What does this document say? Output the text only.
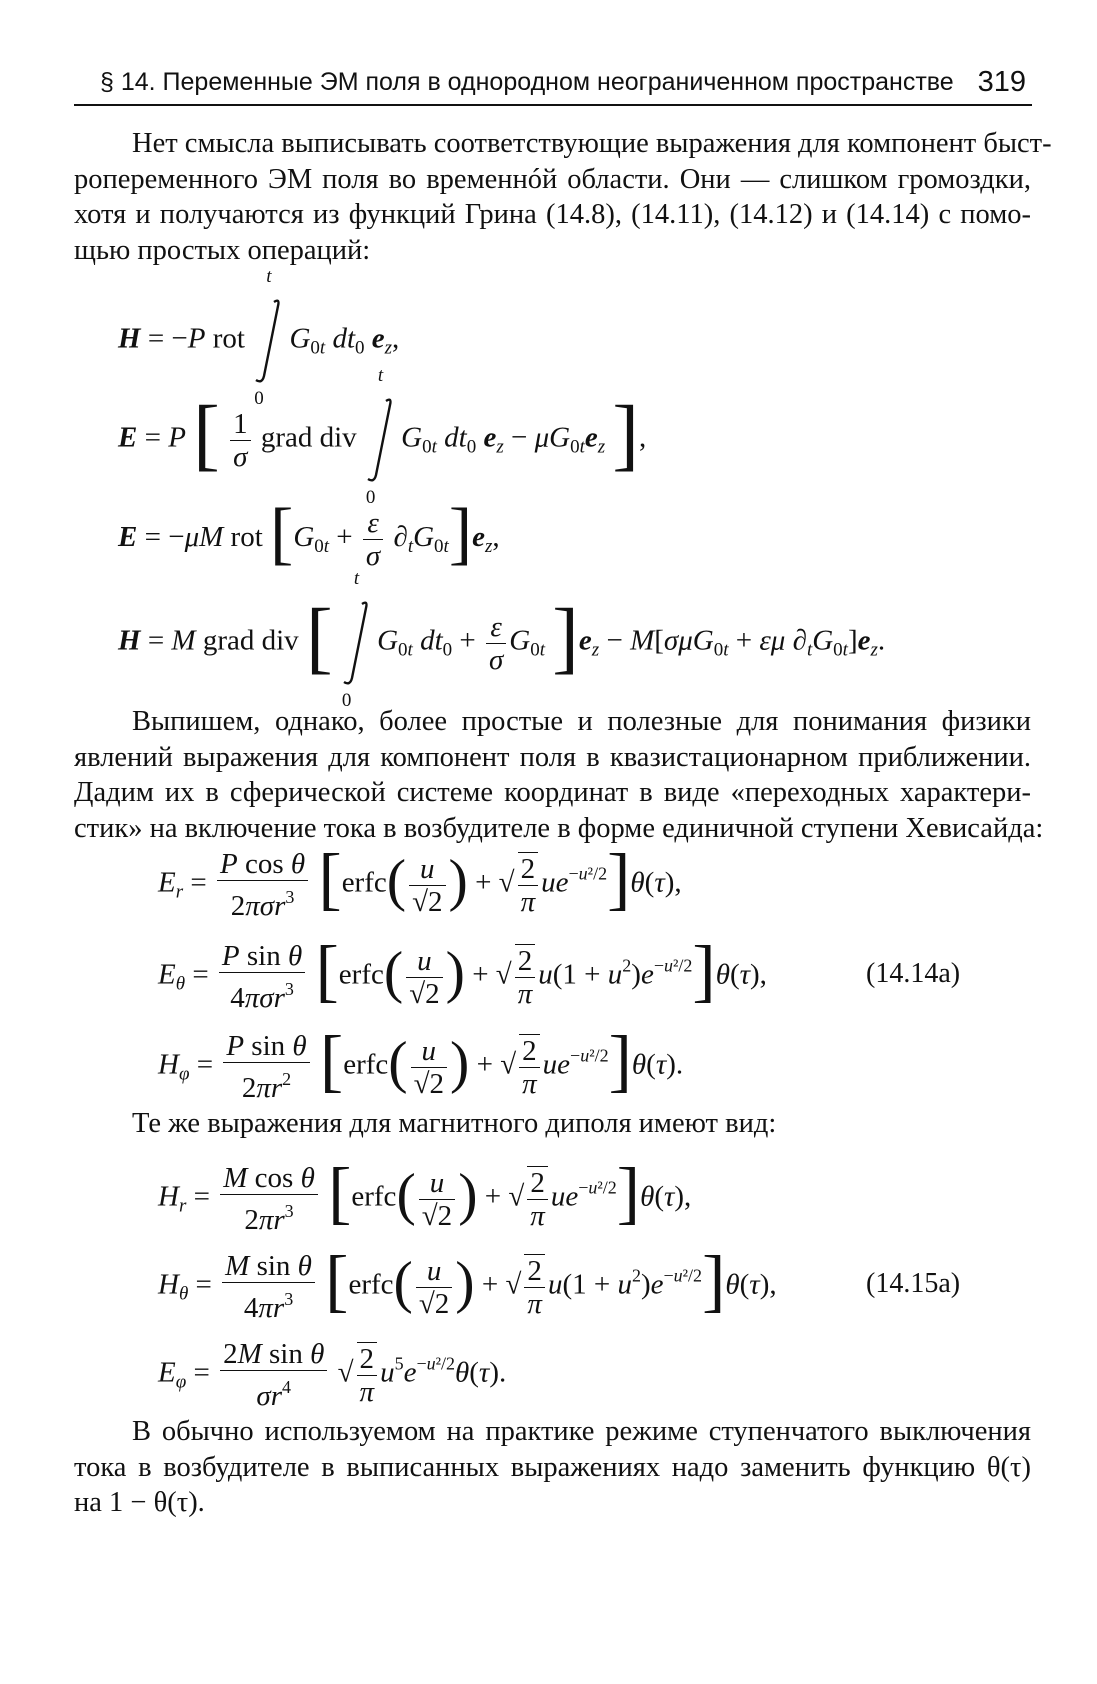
§ 14. Переменные ЭМ поля в однородном неограниченном пространстве 319
Нет смысла выписывать соответствующие выражения для компонент быст-
ропеременного ЭМ поля во временнóй области. Они — слишком громоздки,
хотя и получаются из функций Грина (14.8), (14.11), (14.12) и (14.14) с помо-
щью простых операций:
H = −P rot
t
0
$G_{0t}$ $dt_0$ $e_z$,
E = P [ $\frac{1}{\sigma}$ grad div
t
0
$G_{0t}$ $dt_0$ $e_z - \mu G_{0t}e_z$ ],
E = −μM rot $[G_{0t} + \frac{\varepsilon}{\sigma} \partial_tG_{0t}]e_z$,
H = M grad div [
t
0
$G_{0t}$ $dt_0 + \frac{\varepsilon}{\sigma} G_{0t}$ ]$e_z - M[\sigma\mu G_{0t} + \varepsilon\mu$ $\partial_tG_{0t}]e_z$.
Выпишем, однако, более простые и полезные для понимания физики
явлений выражения для компонент поля в квазистационарном приближении.
Дадим их в сферической системе координат в виде «переходных характери-
стик» на включение тока в возбудителе в форме единичной ступени Хевисайда:
$E_r = \frac{\text{P cos θ}}{2\pi\sigma r^3}$ [erfc( $\frac{u}{√2}$ ) + √ $\frac{2}{\pi} ue^{-u^2/2}]\theta(\tau)$,
$E_\theta = \frac{\text{P sin θ}}{4\pi\sigma r^3}$ [erfc( $\frac{u}{√2}$ ) + √ $\frac{2}{\pi} u(1 + u^2)e^{-u^2/2}]\theta(\tau)$,	(14.14a)
$H_\varphi = \frac{\text{P sin θ}}{2\pi r^2}$ [erfc( $\frac{u}{√2}$ ) + √ $\frac{2}{\pi} ue^{-u^2/2}]\theta(\tau)$.
Те же выражения для магнитного диполя имеют вид:
$H_r = \frac{\text{M cos θ}}{2\pi r^3}$ [erfc( $\frac{u}{√2}$ ) + √ $\frac{2}{\pi} ue^{-u^2/2}]\theta(\tau)$,
$H_\theta = \frac{\text{M sin θ}}{4\pi r^3}$ [erfc( $\frac{u}{√2}$ ) + √ $\frac{2}{\pi} u(1 + u^2)e^{-u^2/2}]\theta(\tau)$,	(14.15a)
$E_\varphi = \frac{\text{2M sin θ}}{\sigma r^4}$ √ $\frac{2}{\pi} u^5e^{-u^2/2}\theta(\tau)$.
В обычно используемом на практике режиме ступенчатого выключения
тока в возбудителе в выписанных выражениях надо заменить функцию θ(τ)
на 1 − θ(τ).
